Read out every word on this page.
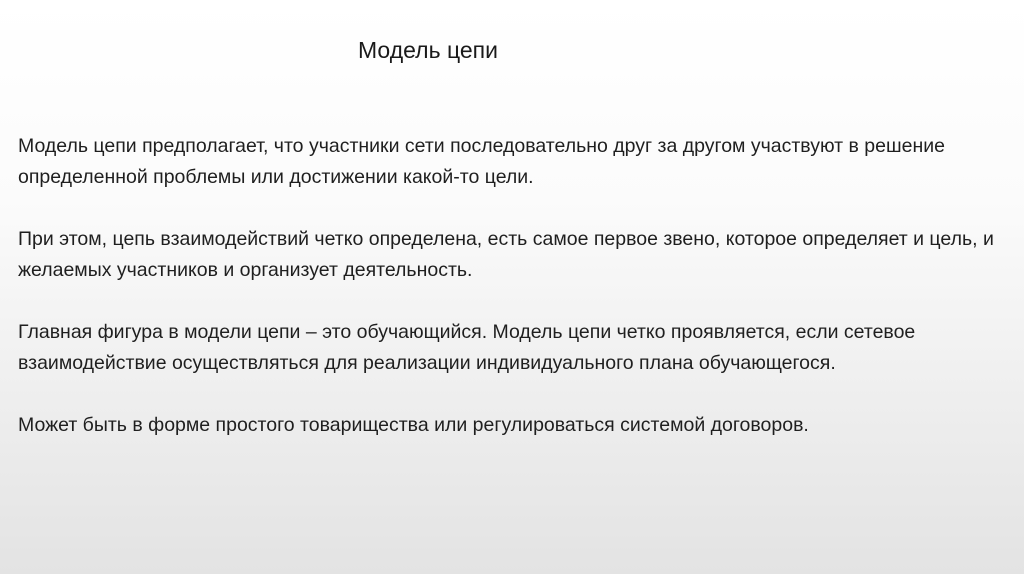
Модель цепи

Модель цепи предполагает, что участники сети последовательно друг за другом участвуют в решение определенной проблемы или достижении какой-то цели.

При этом, цепь взаимодействий четко определена, есть самое первое звено, которое определяет и цель, и желаемых участников и организует деятельность.

Главная фигура в модели цепи – это обучающийся. Модель цепи четко проявляется, если сетевое взаимодействие осуществляться для реализации индивидуального плана обучающегося.

Может быть в форме простого товарищества или регулироваться системой договоров.
